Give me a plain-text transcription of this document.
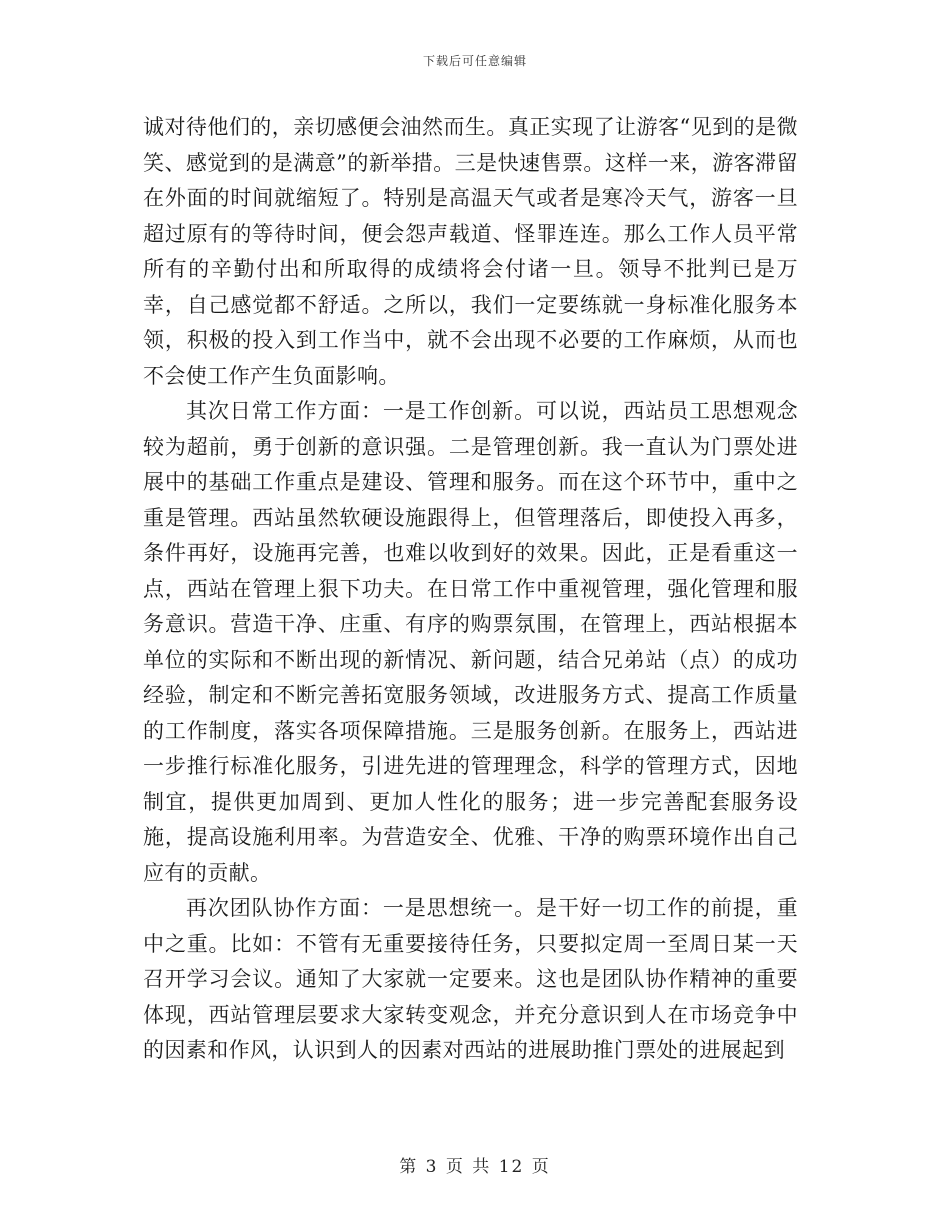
下载后可任意编辑

诚对待他们的，亲切感便会油然而生。真正实现了让游客“见到的是微笑、感觉到的是满意”的新举措。三是快速售票。这样一来，游客滞留在外面的时间就缩短了。特别是高温天气或者是寒冷天气，游客一旦超过原有的等待时间，便会怨声载道、怪罪连连。那么工作人员平常所有的辛勤付出和所取得的成绩将会付诸一旦。领导不批判已是万幸，自己感觉都不舒适。之所以，我们一定要练就一身标准化服务本领，积极的投入到工作当中，就不会出现不必要的工作麻烦，从而也不会使工作产生负面影响。

其次日常工作方面：一是工作创新。可以说，西站员工思想观念较为超前，勇于创新的意识强。二是管理创新。我一直认为门票处进展中的基础工作重点是建设、管理和服务。而在这个环节中，重中之重是管理。西站虽然软硬设施跟得上，但管理落后，即使投入再多，条件再好，设施再完善，也难以收到好的效果。因此，正是看重这一点，西站在管理上狠下功夫。在日常工作中重视管理，强化管理和服务意识。营造干净、庄重、有序的购票氛围，在管理上，西站根据本单位的实际和不断出现的新情况、新问题，结合兄弟站（点）的成功经验，制定和不断完善拓宽服务领域，改进服务方式、提高工作质量的工作制度，落实各项保障措施。三是服务创新。在服务上，西站进一步推行标准化服务，引进先进的管理理念，科学的管理方式，因地制宜，提供更加周到、更加人性化的服务；进一步完善配套服务设施，提高设施利用率。为营造安全、优雅、干净的购票环境作出自己应有的贡献。

再次团队协作方面：一是思想统一。是干好一切工作的前提，重中之重。比如：不管有无重要接待任务，只要拟定周一至周日某一天召开学习会议。通知了大家就一定要来。这也是团队协作精神的重要体现，西站管理层要求大家转变观念，并充分意识到人在市场竞争中的因素和作风，认识到人的因素对西站的进展助推门票处的进展起到

第 3 页 共 12 页
